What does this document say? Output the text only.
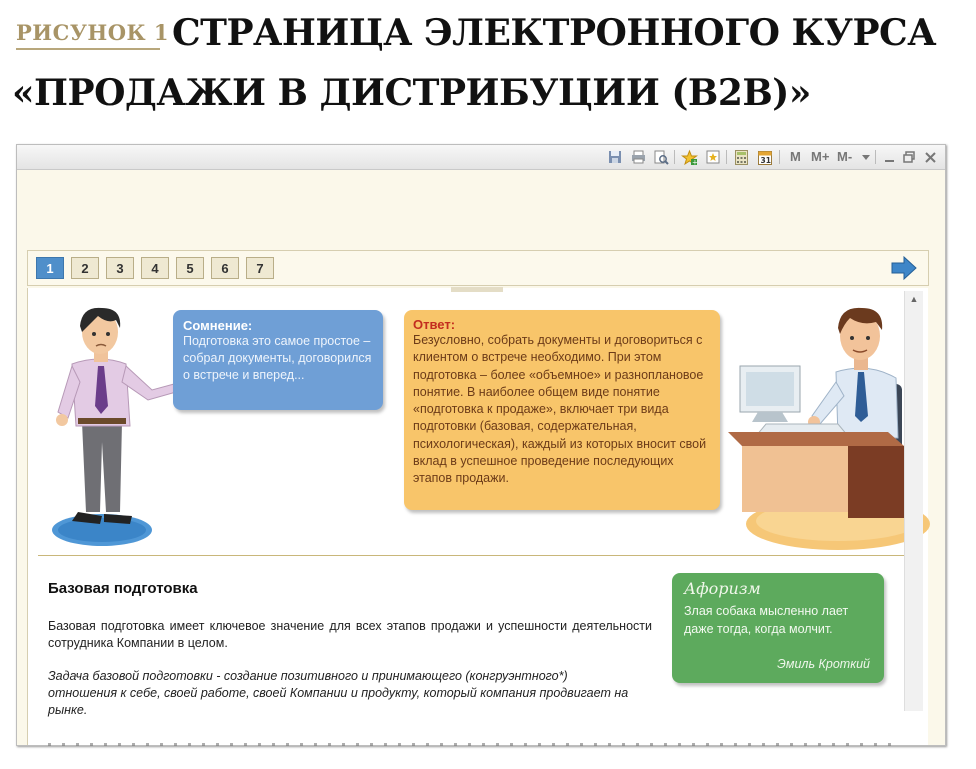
РИСУНОК 1 СТРАНИЦА ЭЛЕКТРОННОГО КУРСА
«ПРОДАЖИ В ДИСТРИБУЦИИ (B2B)»
+	31 M M+ M-
1	2	3	4	5	6	7
Сомнение:
Подготовка это самое простое – собрал документы, договорился о встрече и вперед...
Ответ:
Безусловно, собрать документы и договориться с клиентом о встрече необходимо. При этом подготовка – более «объемное» и разноплановое понятие. В наиболее общем виде понятие «подготовка к продаже», включает три вида подготовки (базовая, содержательная, психологическая), каждый из которых вносит свой вклад в успешное проведение последующих этапов продажи.
Базовая подготовка
Базовая подготовка имеет ключевое значение для всех этапов продажи и успешности деятельности сотрудника Компании в целом.
Задача базовой подготовки - создание позитивного и принимающего (конгруэнтного*) отношения к себе, своей работе, своей Компании и продукту, который компания продвигает на рынке.
Афоризм
Злая собака мысленно лает даже тогда, когда молчит.
Эмиль Кроткий
▲
